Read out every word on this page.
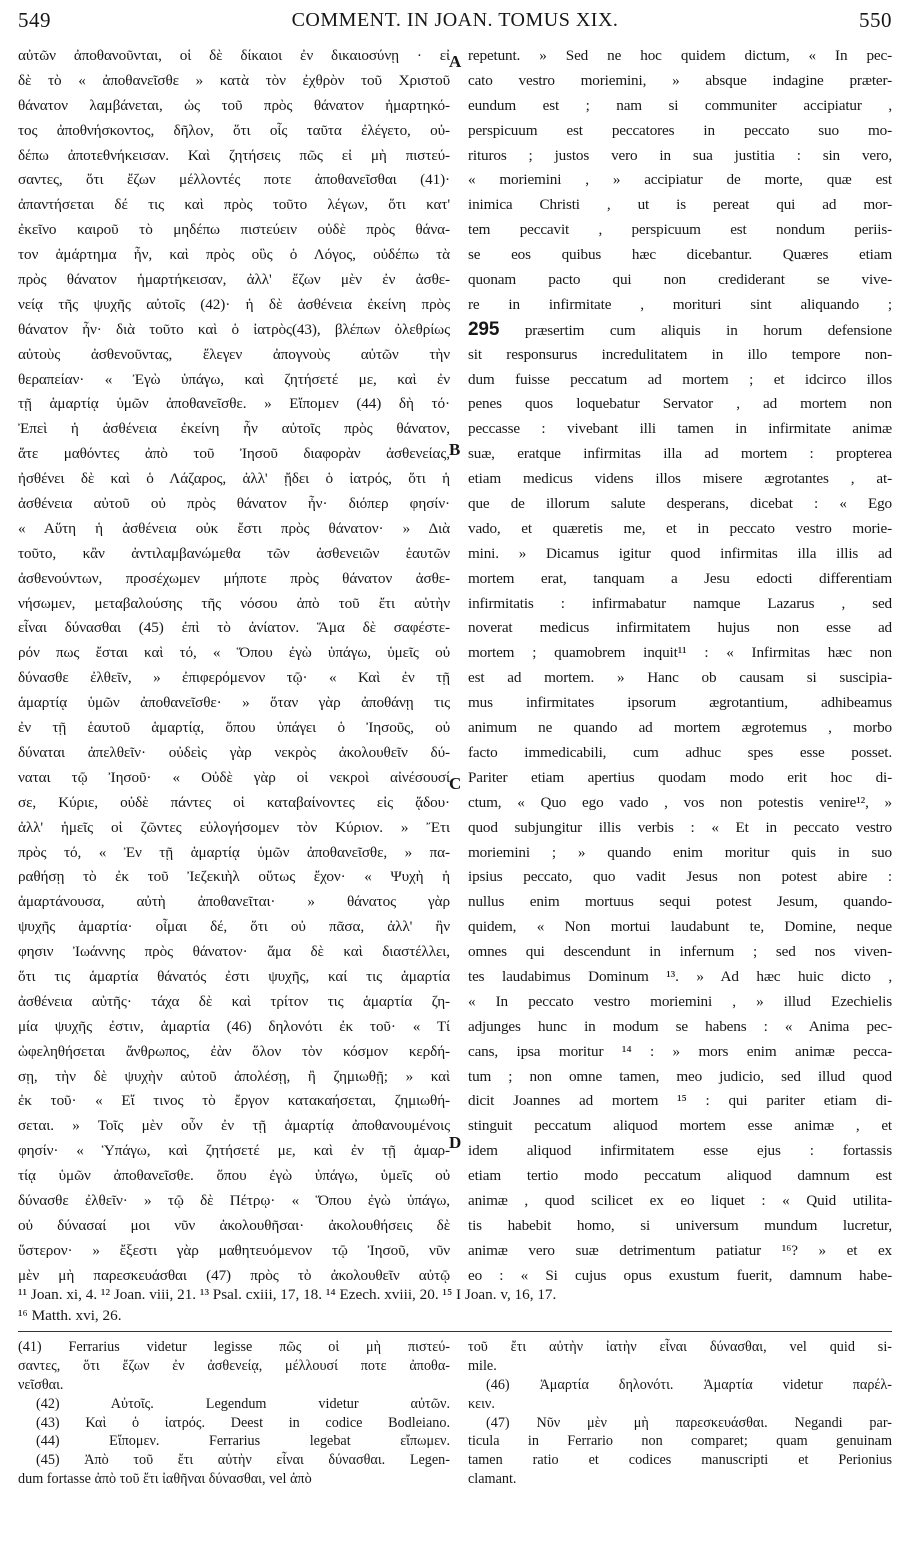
549	COMMENT. IN JOAN. TOMUS XIX.	550
αὐτῶν ἀποθανοῦνται, οἱ δὲ δίκαιοι ἐν δικαιοσύνῃ · εἰ
δὲ τὸ « ἀποθανεῖσθε » κατὰ τὸν ἐχθρὸν τοῦ Χριστοῦ
θάνατον λαμβάνεται, ὡς τοῦ πρὸς θάνατον ἡμαρτηκό-
τος ἀποθνήσκοντος, δῆλον, ὅτι οἷς ταῦτα ἐλέγετο, οὐ-
δέπω ἀποτεθνήκεισαν. Καὶ ζητήσεις πῶς εἰ μὴ πιστεύ-
σαντες, ὅτι ἔζων μέλλοντές ποτε ἀποθανεῖσθαι (41)·
ἀπαντήσεται δέ τις καὶ πρὸς τοῦτο λέγων, ὅτι κατ'
ἐκεῖνο καιροῦ τὸ μηδέπω πιστεύειν οὐδὲ πρὸς θάνα-
τον ἁμάρτημα ἦν, καὶ πρὸς οὓς ὁ Λόγος, οὐδέπω τὰ
πρὸς θάνατον ἡμαρτήκεισαν, ἀλλ' ἔζων μὲν ἐν ἀσθε-
νείᾳ τῆς ψυχῆς αὐτοῖς (42)· ἡ δὲ ἀσθένεια ἐκείνη πρὸς
θάνατον ἦν· διὰ τοῦτο καὶ ὁ ἰατρὸς(43), βλέπων ὀλεθρίως
αὐτοὺς ἀσθενοῦντας, ἔλεγεν ἀπογνοὺς αὐτῶν τὴν
θεραπείαν· « Ἐγὼ ὑπάγω, καὶ ζητήσετέ με, καὶ ἐν
τῇ ἁμαρτίᾳ ὑμῶν ἀποθανεῖσθε. » Εἴπομεν (44) δὴ τό·
Ἐπεὶ ἡ ἀσθένεια ἐκείνη ἦν αὐτοῖς πρὸς θάνατον,
ἅτε μαθόντες ἀπὸ τοῦ Ἰησοῦ διαφορὰν ἀσθενείας,
ἠσθένει δὲ καὶ ὁ Λάζαρος, ἀλλ' ᾔδει ὁ ἰατρός, ὅτι ἡ
ἀσθένεια αὐτοῦ οὐ πρὸς θάνατον ἦν· διόπερ φησίν·
« Αὕτη ἡ ἀσθένεια οὐκ ἔστι πρὸς θάνατον· » Διὰ
τοῦτο, κἂν ἀντιλαμβανώμεθα τῶν ἀσθενειῶν ἑαυτῶν
ἀσθενούντων, προσέχωμεν μήποτε πρὸς θάνατον ἀσθε-
νήσωμεν, μεταβαλούσης τῆς νόσου ἀπὸ τοῦ ἔτι αὐτὴν
εἶναι δύνασθαι (45) ἐπὶ τὸ ἀνίατον. Ἅμα δὲ σαφέστε-
ρόν πως ἔσται καὶ τό, « Ὅπου ἐγὼ ὑπάγω, ὑμεῖς οὐ
δύνασθε ἐλθεῖν, » ἐπιφερόμενον τῷ· « Καὶ ἐν τῇ
ἁμαρτίᾳ ὑμῶν ἀποθανεῖσθε· » ὅταν γὰρ ἀποθάνῃ τις
ἐν τῇ ἑαυτοῦ ἁμαρτίᾳ, ὅπου ὑπάγει ὁ Ἰησοῦς, οὐ
δύναται ἀπελθεῖν· οὐδεὶς γὰρ νεκρὸς ἀκολουθεῖν δύ-
ναται τῷ Ἰησοῦ· « Οὐδὲ γὰρ οἱ νεκροὶ αἰνέσουσί
σε, Κύριε, οὐδὲ πάντες οἱ καταβαίνοντες εἰς ᾅδου·
ἀλλ' ἡμεῖς οἱ ζῶντες εὐλογήσομεν τὸν Κύριον. » Ἔτι
πρὸς τό, « Ἐν τῇ ἁμαρτίᾳ ὑμῶν ἀποθανεῖσθε, » πα-
ραθήσῃ τὸ ἐκ τοῦ Ἰεζεκιὴλ οὕτως ἔχον· « Ψυχὴ ἡ
ἁμαρτάνουσα, αὐτὴ ἀποθανεῖται· » θάνατος γὰρ
ψυχῆς ἁμαρτία· οἶμαι δέ, ὅτι οὐ πᾶσα, ἀλλ' ἣν
φησιν Ἰωάννης πρὸς θάνατον· ἅμα δὲ καὶ διαστέλλει,
ὅτι τις ἁμαρτία θάνατός ἐστι ψυχῆς, καί τις ἁμαρτία
ἀσθένεια αὐτῆς· τάχα δὲ καὶ τρίτον τις ἁμαρτία ζη-
μία ψυχῆς ἐστιν, ἁμαρτία (46) δηλονότι ἐκ τοῦ· « Τί
ὠφεληθήσεται ἄνθρωπος, ἐὰν ὅλον τὸν κόσμον κερδή-
σῃ, τὴν δὲ ψυχὴν αὐτοῦ ἀπολέσῃ, ἢ ζημιωθῇ; » καὶ
ἐκ τοῦ· « Εἴ τινος τὸ ἔργον κατακαήσεται, ζημιωθή-
σεται. » Τοῖς μὲν οὖν ἐν τῇ ἁμαρτίᾳ ἀποθανουμένοις
φησίν· « Ὑπάγω, καὶ ζητήσετέ με, καὶ ἐν τῇ ἁμαρ-
τίᾳ ὑμῶν ἀποθανεῖσθε. ὅπου ἐγὼ ὑπάγω, ὑμεῖς οὐ
δύνασθε ἐλθεῖν· » τῷ δὲ Πέτρῳ· « Ὅπου ἐγὼ ὑπάγω,
οὐ δύνασαί μοι νῦν ἀκολουθῆσαι· ἀκολουθήσεις δὲ
ὕστερον· » ἔξεστι γὰρ μαθητευόμενον τῷ Ἰησοῦ, νῦν
μὲν μὴ παρεσκευάσθαι (47) πρὸς τὸ ἀκολουθεῖν αὐτῷ
repetunt. » Sed ne hoc quidem dictum, « In pec-
cato vestro moriemini, » absque indagine præter-
eundum est ; nam si communiter accipiatur ,
perspicuum est peccatores in peccato suo mo-
rituros ; justos vero in sua justitia : sin vero,
« moriemini , » accipiatur de morte, quæ est
inimica Christi , ut is pereat qui ad mor-
tem peccavit , perspicuum est nondum periis-
se eos quibus hæc dicebantur. Quæres etiam
quonam pacto qui non crediderant se vive-
re in infirmitate , morituri sint aliquando ;
295 præsertim cum aliquis in horum defensione
sit responsurus incredulitatem in illo tempore non-
dum fuisse peccatum ad mortem ; et idcirco illos
penes quos loquebatur Servator , ad mortem non
peccasse : vivebant illi tamen in infirmitate animæ
suæ, eratque infirmitas illa ad mortem : propterea
etiam medicus videns illos misere ægrotantes , at-
que de illorum salute desperans, dicebat : « Ego
vado, et quæretis me, et in peccato vestro morie-
mini. » Dicamus igitur quod infirmitas illa illis ad
mortem erat, tanquam a Jesu edocti differentiam
infirmitatis : infirmabatur namque Lazarus , sed
noverat medicus infirmitatem hujus non esse ad
mortem ; quamobrem inquit¹¹ : « Infirmitas hæc non
est ad mortem. » Hanc ob causam si suscipia-
mus infirmitates ipsorum ægrotantium, adhibeamus
animum ne quando ad mortem ægrotemus , morbo
facto immedicabili, cum adhuc spes esse posset.
Pariter etiam apertius quodam modo erit hoc di-
ctum, « Quo ego vado , vos non potestis venire¹², »
quod subjungitur illis verbis : « Et in peccato vestro
moriemini ; » quando enim moritur quis in suo
ipsius peccato, quo vadit Jesus non potest abire :
nullus enim mortuus sequi potest Jesum, quando-
quidem, « Non mortui laudabunt te, Domine, neque
omnes qui descendunt in infernum ; sed nos viven-
tes laudabimus Dominum ¹³. » Ad hæc huic dicto ,
« In peccato vestro moriemini , » illud Ezechielis
adjunges hunc in modum se habens : « Anima pec-
cans, ipsa moritur ¹⁴ : » mors enim animæ pecca-
tum ; non omne tamen, meo judicio, sed illud quod
dicit Joannes ad mortem ¹⁵ : qui pariter etiam di-
stinguit peccatum aliquod mortem esse animæ , et
idem aliquod infirmitatem esse ejus : fortassis
etiam tertio modo peccatum aliquod damnum est
animæ , quod scilicet ex eo liquet : « Quid utilita-
tis habebit homo, si universum mundum lucretur,
animæ vero suæ detrimentum patiatur ¹⁶? » et ex
eo : « Si cujus opus exustum fuerit, damnum habe-
A
B
C
D
¹¹ Joan. xi, 4. ¹² Joan. viii, 21. ¹³ Psal. cxiii, 17, 18. ¹⁴ Ezech. xviii, 20. ¹⁵ I Joan. v, 16, 17.
¹⁶ Matth. xvi, 26.
(41) Ferrarius videtur legisse πῶς οἱ μὴ πιστεύ-
σαντες, ὅτι ἔζων ἐν ἀσθενείᾳ, μέλλουσί ποτε ἀποθα-
νεῖσθαι.
(42) Αὐτοῖς. Legendum videtur αὐτῶν.
(43) Καὶ ὁ ἰατρός. Deest in codice Bodleiano.
(44) Εἴπομεν. Ferrarius legebat εἴπωμεν.
(45) Ἀπὸ τοῦ ἔτι αὐτὴν εἶναι δύνασθαι. Legen-
dum fortasse ἀπὸ τοῦ ἔτι ἰαθῆναι δύνασθαι, vel ἀπὸ
τοῦ ἔτι αὐτὴν ἰατὴν εἶναι δύνασθαι, vel quid si-
mile.
(46) Ἁμαρτία δηλονότι. Ἁμαρτία videtur παρέλ-
κειν.
(47) Νῦν μὲν μὴ παρεσκευάσθαι. Negandi par-
ticula in Ferrario non comparet; quam genuinam
tamen ratio et codices manuscripti et Perionius
clamant.
